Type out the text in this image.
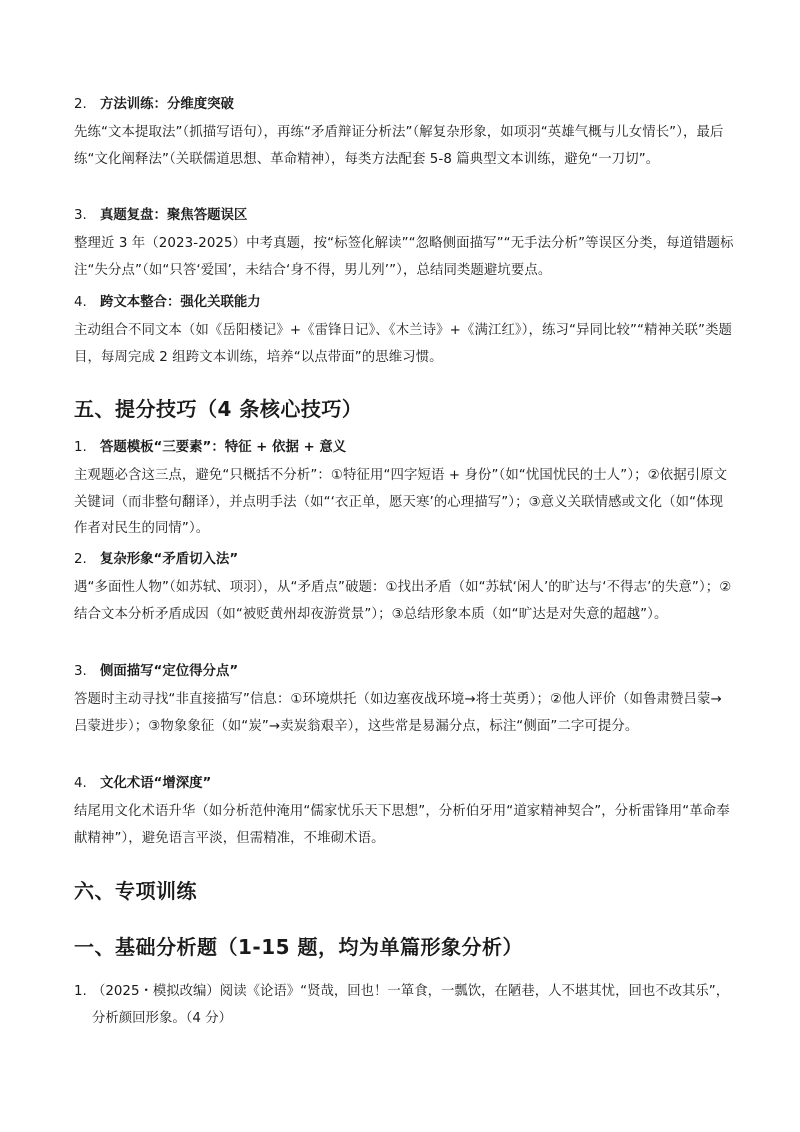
2. 方法训练：分维度突破
先练“文本提取法”（抓描写语句），再练“矛盾辩证分析法”（解复杂形象，如项羽“英雄气概与儿女情长”），最后练“文化阐释法”（关联儒道思想、革命精神），每类方法配套 5-8 篇典型文本训练，避免“一刀切”。
3. 真题复盘：聚焦答题误区
整理近 3 年（2023-2025）中考真题，按“标签化解读”“忽略侧面描写”“无手法分析”等误区分类，每道错题标注“失分点”（如“只答‘爱国’，未结合‘身不得，男儿列’”），总结同类题避坑要点。
4. 跨文本整合：强化关联能力
主动组合不同文本（如《岳阳楼记》+《雷锋日记》、《木兰诗》+《满江红》），练习“异同比较”“精神关联”类题目，每周完成 2 组跨文本训练，培养“以点带面”的思维习惯。
五、提分技巧（4 条核心技巧）
1. 答题模板“三要素”：特征 + 依据 + 意义
主观题必含这三点，避免“只概括不分析”：①特征用“四字短语 + 身份”（如“忧国忧民的士人”）；②依据引原文关键词（而非整句翻译），并点明手法（如“‘衣正单，愿天寒’的心理描写”）；③意义关联情感或文化（如“体现作者对民生的同情”）。
2. 复杂形象“矛盾切入法”
遇“多面性人物”（如苏轼、项羽），从“矛盾点”破题：①找出矛盾（如“苏轼‘闲人’的旷达与‘不得志’的失意”）；②结合文本分析矛盾成因（如“被贬黄州却夜游赏景”）；③总结形象本质（如“旷达是对失意的超越”）。
3. 侧面描写“定位得分点”
答题时主动寻找“非直接描写”信息：①环境烘托（如边塞夜战环境→将士英勇）；②他人评价（如鲁肃赞吕蒙→吕蒙进步）；③物象象征（如“炭”→卖炭翁艰辛），这些常是易漏分点，标注“侧面”二字可提分。
4. 文化术语“增深度”
结尾用文化术语升华（如分析范仲淹用“儒家忧乐天下思想”，分析伯牙用“道家精神契合”，分析雷锋用“革命奉献精神”），避免语言平淡，但需精准，不堆砌术语。
六、专项训练
一、基础分析题（1-15 题，均为单篇形象分析）
1. （2025・模拟改编）阅读《论语》“贤哉，回也！一箪食，一瓢饮，在陋巷，人不堪其忧，回也不改其乐”，分析颜回形象。（4 分）
